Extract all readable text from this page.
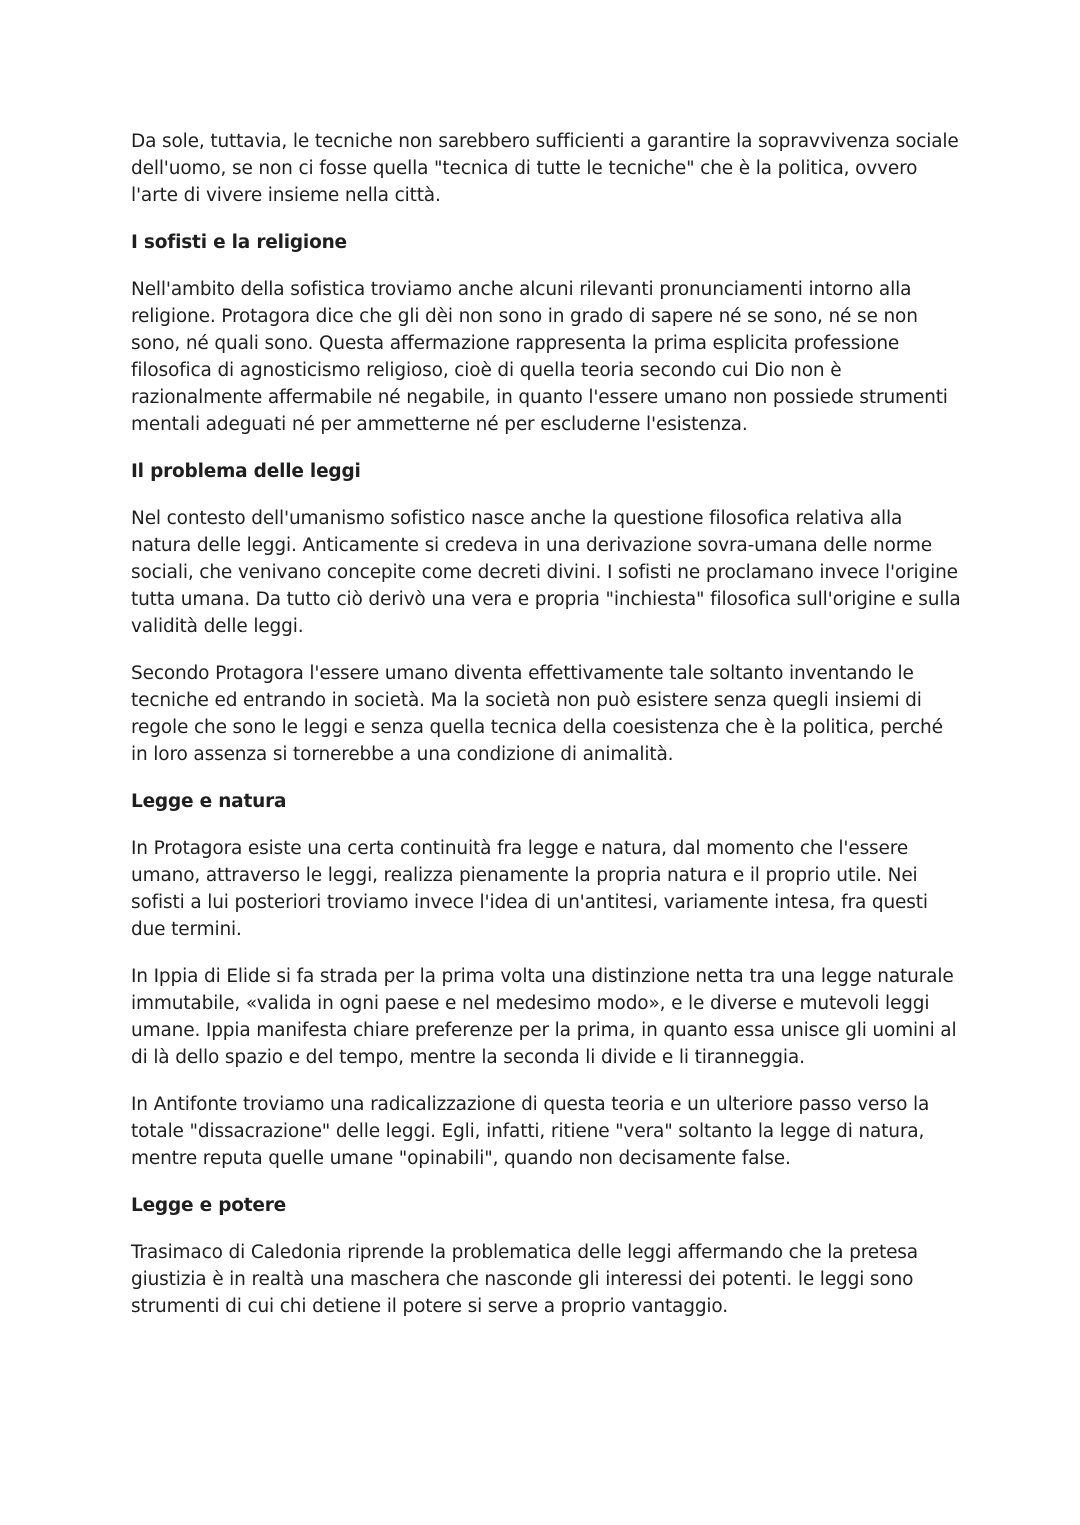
Da sole, tuttavia, le tecniche non sarebbero sufficienti a garantire la sopravvivenza sociale dell'uomo, se non ci fosse quella "tecnica di tutte le tecniche" che è la politica, ovvero l'arte di vivere insieme nella città.

I sofisti e la religione

Nell'ambito della sofistica troviamo anche alcuni rilevanti pronunciamenti intorno alla religione. Protagora dice che gli dèi non sono in grado di sapere né se sono, né se non sono, né quali sono. Questa affermazione rappresenta la prima esplicita professione filosofica di agnosticismo religioso, cioè di quella teoria secondo cui Dio non è razionalmente affermabile né negabile, in quanto l'essere umano non possiede strumenti mentali adeguati né per ammetterne né per escluderne l'esistenza.

Il problema delle leggi

Nel contesto dell'umanismo sofistico nasce anche la questione filosofica relativa alla natura delle leggi. Anticamente si credeva in una derivazione sovra-umana delle norme sociali, che venivano concepite come decreti divini. I sofisti ne proclamano invece l'origine tutta umana. Da tutto ciò derivò una vera e propria "inchiesta" filosofica sull'origine e sulla validità delle leggi.

Secondo Protagora l'essere umano diventa effettivamente tale soltanto inventando le tecniche ed entrando in società. Ma la società non può esistere senza quegli insiemi di regole che sono le leggi e senza quella tecnica della coesistenza che è la politica, perché in loro assenza si tornerebbe a una condizione di animalità.

Legge e natura

In Protagora esiste una certa continuità fra legge e natura, dal momento che l'essere umano, attraverso le leggi, realizza pienamente la propria natura e il proprio utile. Nei sofisti a lui posteriori troviamo invece l'idea di un'antitesi, variamente intesa, fra questi due termini.

In Ippia di Elide si fa strada per la prima volta una distinzione netta tra una legge naturale immutabile, «valida in ogni paese e nel medesimo modo», e le diverse e mutevoli leggi umane. Ippia manifesta chiare preferenze per la prima, in quanto essa unisce gli uomini al di là dello spazio e del tempo, mentre la seconda li divide e li tiranneggia.

In Antifonte troviamo una radicalizzazione di questa teoria e un ulteriore passo verso la totale "dissacrazione" delle leggi. Egli, infatti, ritiene "vera" soltanto la legge di natura, mentre reputa quelle umane "opinabili", quando non decisamente false.

Legge e potere

Trasimaco di Caledonia riprende la problematica delle leggi affermando che la pretesa giustizia è in realtà una maschera che nasconde gli interessi dei potenti. le leggi sono strumenti di cui chi detiene il potere si serve a proprio vantaggio.
